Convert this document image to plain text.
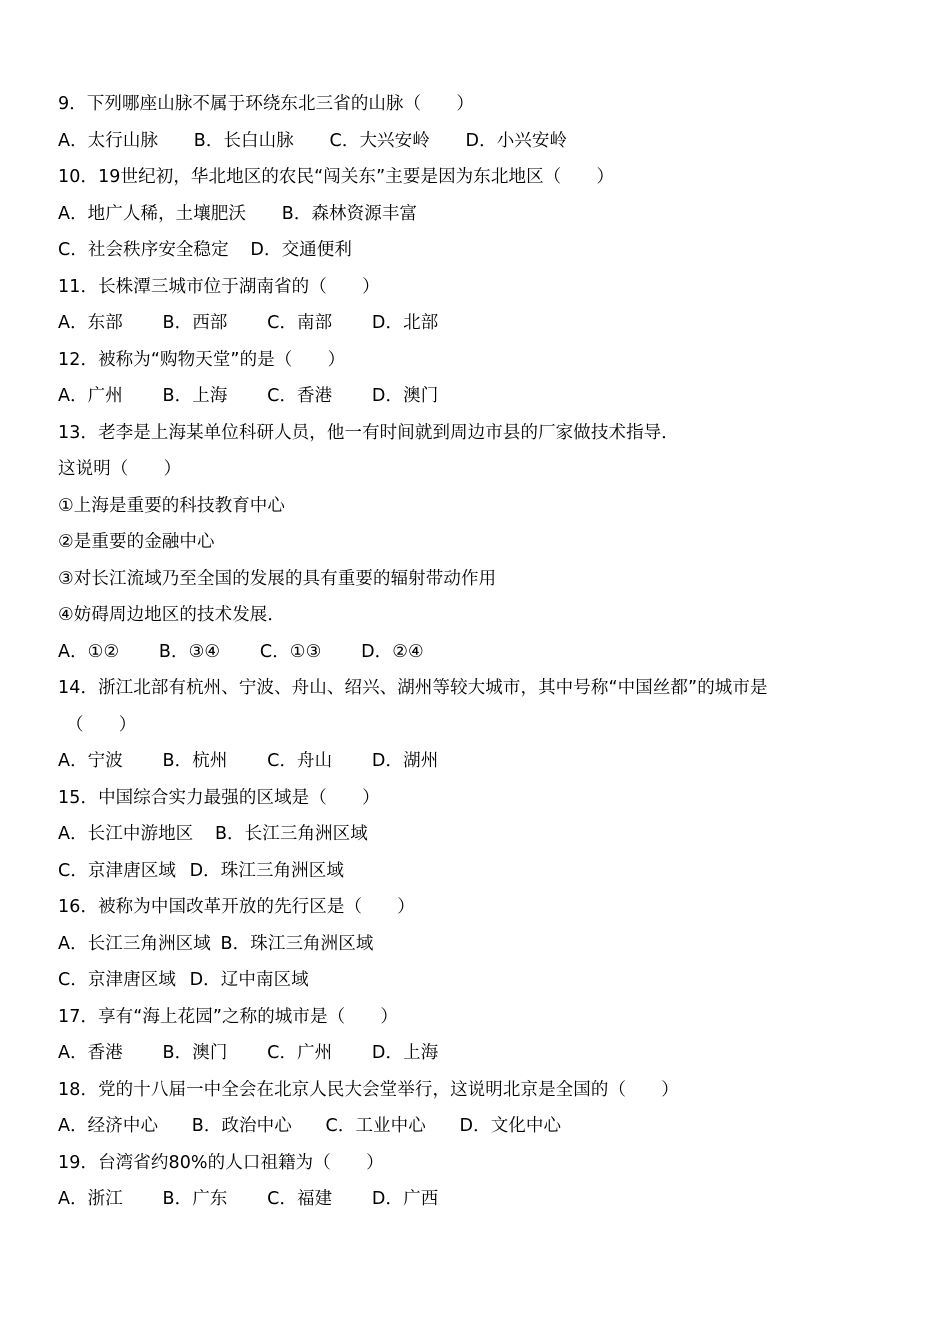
9．下列哪座山脉不属于环绕东北三省的山脉（　　）
A．太行山脉 B．长白山脉 C．大兴安岭 D．小兴安岭
10．19世纪初，华北地区的农民“闯关东”主要是因为东北地区（　　）
A．地广人稀，土壤肥沃 B．森林资源丰富
C．社会秩序安全稳定 D．交通便利
11．长株潭三城市位于湖南省的（　　）
A．东部 B．西部 C．南部 D．北部
12．被称为“购物天堂”的是（　　）
A．广州 B．上海 C．香港 D．澳门
13．老李是上海某单位科研人员，他一有时间就到周边市县的厂家做技术指导．
这说明（　　）
①上海是重要的科技教育中心
②是重要的金融中心
③对长江流域乃至全国的发展的具有重要的辐射带动作用
④妨碍周边地区的技术发展．
A．①② B．③④ C．①③ D．②④
14．浙江北部有杭州、宁波、舟山、绍兴、湖州等较大城市，其中号称“中国丝都”的城市是
（　　）
A．宁波 B．杭州 C．舟山 D．湖州
15．中国综合实力最强的区域是（　　）
A．长江中游地区 B．长江三角洲区域
C．京津唐区域 D．珠江三角洲区域
16．被称为中国改革开放的先行区是（　　）
A．长江三角洲区域 B．珠江三角洲区域
C．京津唐区域 D．辽中南区域
17．享有“海上花园”之称的城市是（　　）
A．香港 B．澳门 C．广州 D．上海
18．党的十八届一中全会在北京人民大会堂举行，这说明北京是全国的（　　）
A．经济中心 B．政治中心 C．工业中心 D．文化中心
19．台湾省约80%的人口祖籍为（　　）
A．浙江 B．广东 C．福建 D．广西
